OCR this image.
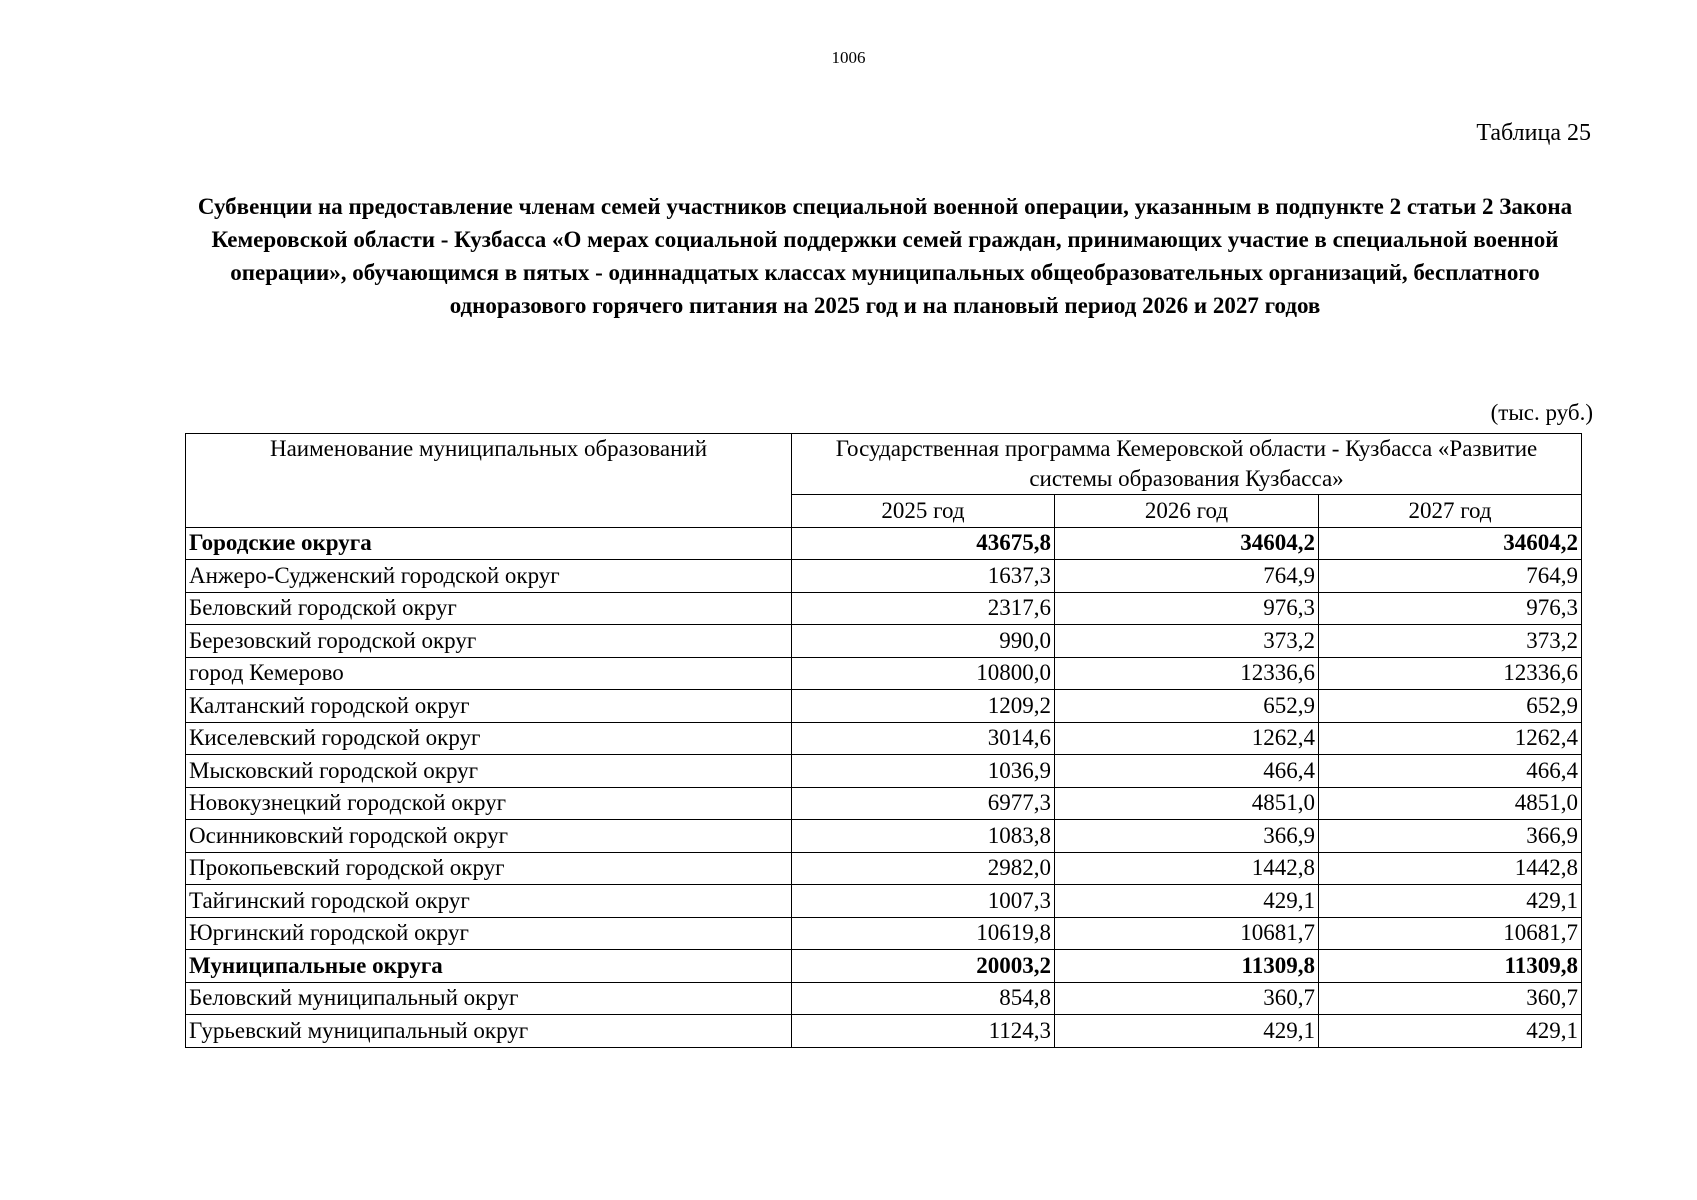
1006
Таблица 25
Субвенции на предоставление членам семей участников специальной военной операции, указанным в подпункте 2 статьи 2 Закона Кемеровской области - Кузбасса «О мерах социальной поддержки семей граждан, принимающих участие в специальной военной операции», обучающимся в пятых - одиннадцатых классах муниципальных общеобразовательных организаций, бесплатного одноразового горячего питания на 2025 год и на плановый период 2026 и 2027 годов
(тыс. руб.)
Наименование муниципальных образований	Государственная программа Кемеровской области - Кузбасса «Развитие системы образования Кузбасса»		

	2025 год	2026 год	2027 год
Городские округа	43675,8	34604,2	34604,2
Анжеро-Судженский городской округ	1637,3	764,9	764,9
Беловский городской округ	2317,6	976,3	976,3
Березовский городской округ	990,0	373,2	373,2
город Кемерово	10800,0	12336,6	12336,6
Калтанский городской округ	1209,2	652,9	652,9
Киселевский городской округ	3014,6	1262,4	1262,4
Мысковский городской округ	1036,9	466,4	466,4
Новокузнецкий городской округ	6977,3	4851,0	4851,0
Осинниковский городской округ	1083,8	366,9	366,9
Прокопьевский городской округ	2982,0	1442,8	1442,8
Тайгинский городской округ	1007,3	429,1	429,1
Юргинский городской округ	10619,8	10681,7	10681,7
Муниципальные округа	20003,2	11309,8	11309,8
Беловский муниципальный округ	854,8	360,7	360,7
Гурьевский муниципальный округ	1124,3	429,1	429,1
